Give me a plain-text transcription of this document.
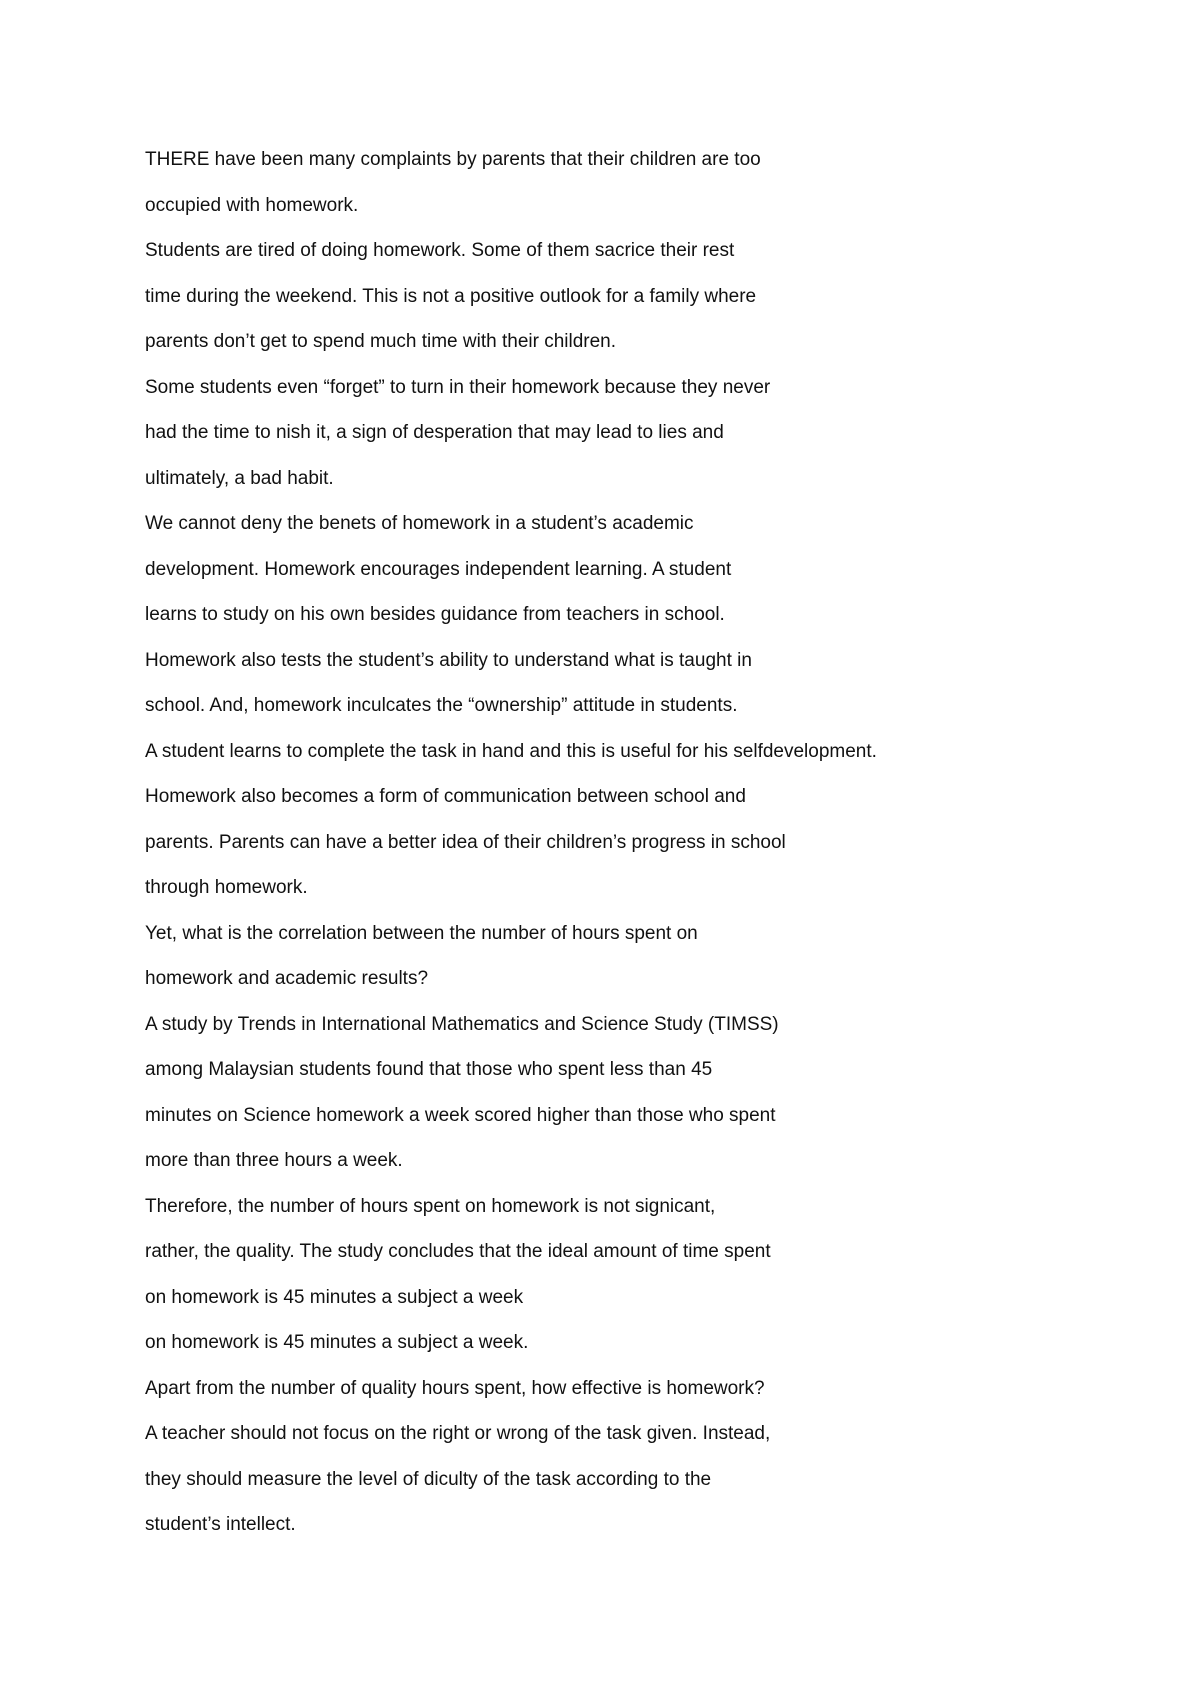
THERE have been many complaints by parents that their children are too
occupied with homework.
Students are tired of doing homework. Some of them sacrice their rest
time during the weekend. This is not a positive outlook for a family where
parents don’t get to spend much time with their children.
Some students even “forget” to turn in their homework because they never
had the time to nish it, a sign of desperation that may lead to lies and
ultimately, a bad habit.
We cannot deny the benets of homework in a student’s academic
development. Homework encourages independent learning. A student
learns to study on his own besides guidance from teachers in school.
Homework also tests the student’s ability to understand what is taught in
school. And, homework inculcates the “ownership” attitude in students.
A student learns to complete the task in hand and this is useful for his selfdevelopment.
Homework also becomes a form of communication between school and
parents. Parents can have a better idea of their children’s progress in school
through homework.
Yet, what is the correlation between the number of hours spent on
homework and academic results?
A study by Trends in International Mathematics and Science Study (TIMSS)
among Malaysian students found that those who spent less than 45
minutes on Science homework a week scored higher than those who spent
more than three hours a week.
Therefore, the number of hours spent on homework is not signicant,
rather, the quality. The study concludes that the ideal amount of time spent
on homework is 45 minutes a subject a week
on homework is 45 minutes a subject a week.
Apart from the number of quality hours spent, how effective is homework?
A teacher should not focus on the right or wrong of the task given. Instead,
they should measure the level of diculty of the task according to the
student’s intellect.
